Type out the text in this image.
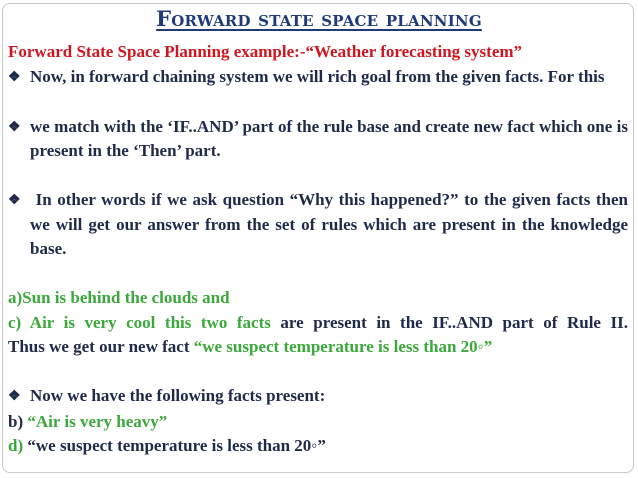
Forward state space planning

Forward State Space Planning example:-“Weather forecasting system”

❖ Now, in forward chaining system we will rich goal from the given facts. For this
❖ we match with the ‘IF..AND’ part of the rule base and create new fact which one is present in the ‘Then’ part.
❖ In other words if we ask question “Why this happened?” to the given facts then we will get our answer from the set of rules which are present in the knowledge base.

a)Sun is behind the clouds and

c) Air is very cool this two facts are present in the IF..AND part of Rule II.

Thus we get our new fact “we suspect temperature is less than 20◦”

❖ Now we have the following facts present:

b) “Air is very heavy”

d) “we suspect temperature is less than 20◦”
